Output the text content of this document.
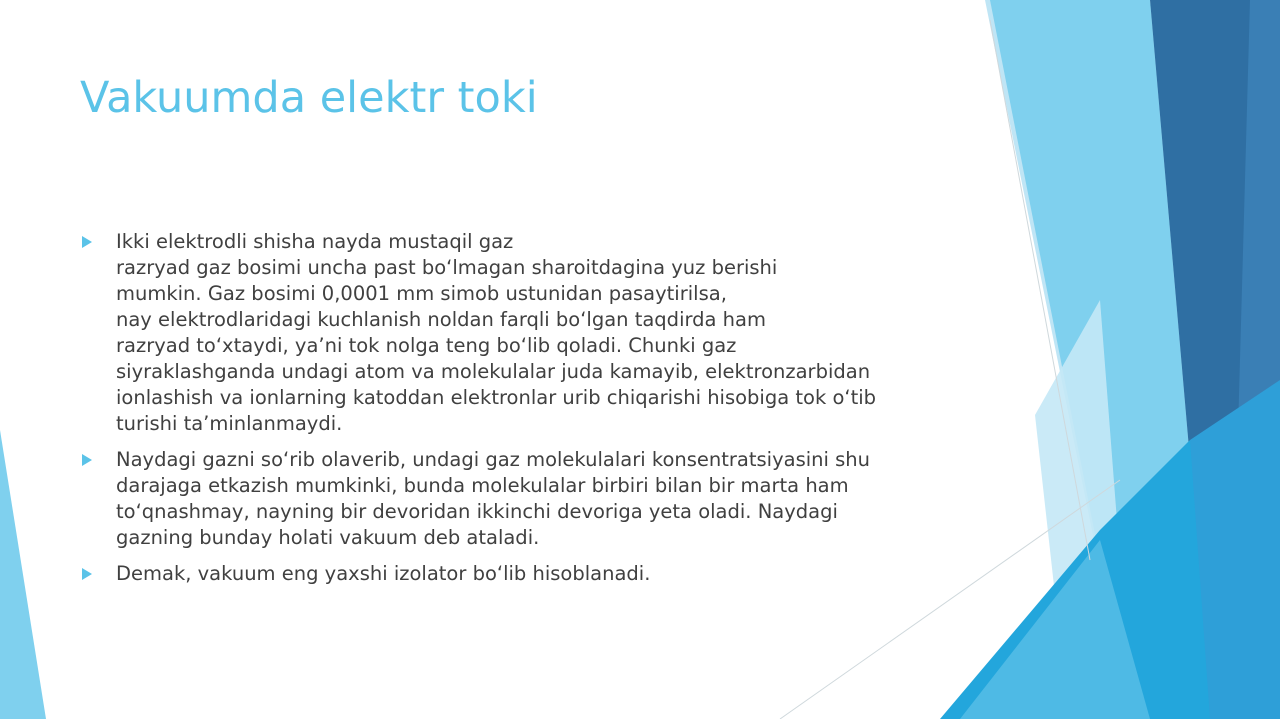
Vakuumda elektr toki
Ikki elektrodli shisha nayda mustaqil gaz
razryad gaz bosimi uncha past bo‘lmagan sharoitdagina yuz berishi
mumkin. Gaz bosimi 0,0001 mm simob ustunidan pasaytirilsa,
nay elektrodlaridagi kuchlanish noldan farqli bo‘lgan taqdirda ham
razryad to‘xtaydi, ya’ni tok nolga teng bo‘lib qoladi. Chunki gaz
siyraklashganda undagi atom va molekulalar juda kamayib, elektronzarbidan
ionlashish va ionlarning katoddan elektronlar urib chiqarishi hisobiga tok o‘tib
turishi ta’minlanmaydi.
Naydagi gazni so‘rib olaverib, undagi gaz molekulalari konsentratsiyasini shu
darajaga etkazish mumkinki, bunda molekulalar birbiri bilan bir marta ham
to‘qnashmay, nayning bir devoridan ikkinchi devoriga yeta oladi. Naydagi
gazning bunday holati vakuum deb ataladi.
Demak, vakuum eng yaxshi izolator bo‘lib hisoblanadi.
